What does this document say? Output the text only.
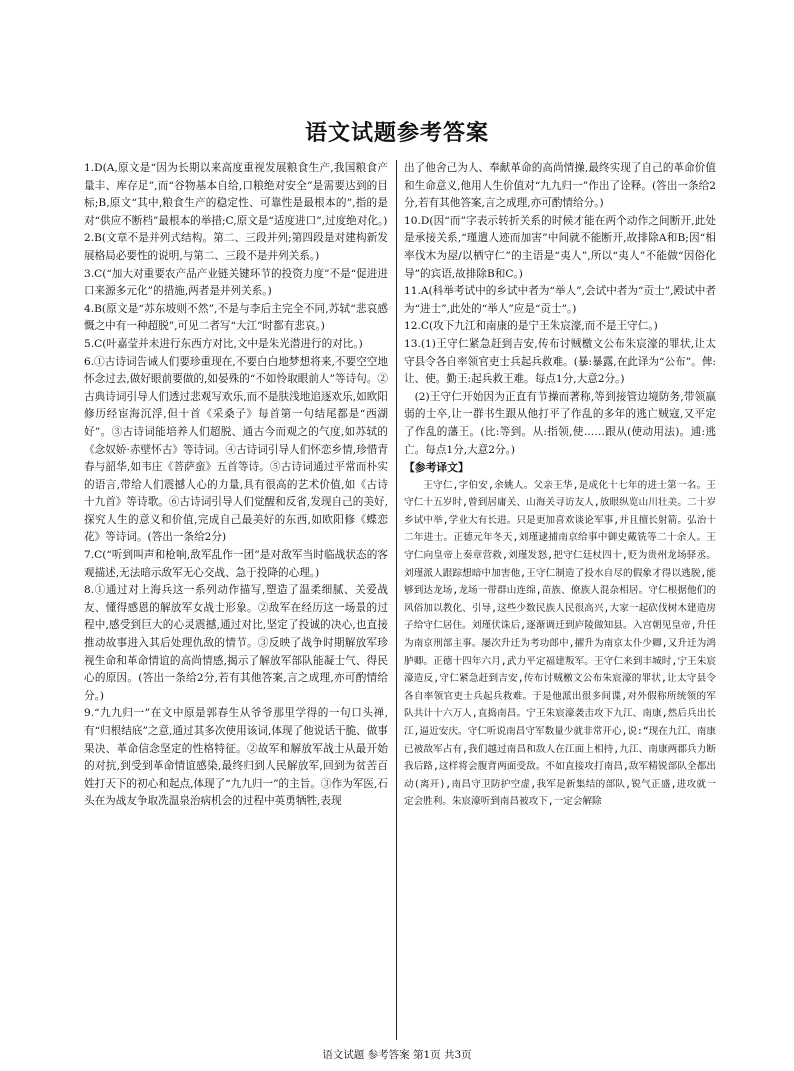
语文试题参考答案

1.D(A,原文是“因为长期以来高度重视发展粮食生产,我国粮食产量丰、库存足”,而“谷物基本自给,口粮绝对安全”是需要达到的目标;B,原文“其中,粮食生产的稳定性、可靠性是最根本的”,指的是对“供应不断档”最根本的举措;C,原文是“适度进口”,过度绝对化。)

2.B(文章不是并列式结构。第二、三段并列;第四段是对建构新发展格局必要性的说明,与第二、三段不是并列关系。)

3.C(“加大对重要农产品产业链关键环节的投资力度”不是“促进进口来源多元化”的措施,两者是并列关系。)

4.B(原文是“苏东坡则不然”,不是与李后主完全不同,苏轼“悲哀感慨之中有一种超脱”,可见二者写“大江”时都有悲哀。)

5.C(叶嘉莹并未进行东西方对比,文中是朱光潜进行的对比。)

6.①古诗词告诫人们要珍重现在,不要白白地梦想将来,不要空空地怀念过去,做好眼前要做的,如晏殊的“不如怜取眼前人”等诗句。②古典诗词引导人们透过悲观写欢乐,而不是肤浅地追逐欢乐,如欧阳修历经宦海沉浮,但十首《采桑子》每首第一句结尾都是“西湖好”。③古诗词能培养人们超脱、通古今而观之的气度,如苏轼的《念奴娇·赤壁怀古》等诗词。④古诗词引导人们怀恋乡情,珍惜青春与韶华,如韦庄《菩萨蛮》五首等诗。⑤古诗词通过平常而朴实的语言,带给人们震撼人心的力量,具有很高的艺术价值,如《古诗十九首》等诗歌。⑥古诗词引导人们觉醒和反省,发现自己的美好,探究人生的意义和价值,完成自己最美好的东西,如欧阳修《蝶恋花》等诗词。(答出一条给2分)

7.C(“听到叫声和枪响,敌军乱作一团”是对敌军当时临战状态的客观描述,无法暗示敌军无心交战、急于投降的心理。)

8.①通过对上海兵这一系列动作描写,塑造了温柔细腻、关爱战友、懂得感恩的解放军女战士形象。②敌军在经历这一场景的过程中,感受到巨大的心灵震撼,通过对比,坚定了投诚的决心,也直接推动故事进入其后处理仇敌的情节。③反映了战争时期解放军珍视生命和革命情谊的高尚情感,揭示了解放军部队能凝士气、得民心的原因。(答出一条给2分,若有其他答案,言之成理,亦可酌情给分。)

9.“九九归一”在文中原是郭春生从爷爷那里学得的一句口头禅,有“归根结底”之意,通过其多次使用该词,体现了他说话干脆、做事果决、革命信念坚定的性格特征。②故军和解放军战士从最开始的对抗,到受到革命情谊感染,最终归到人民解放军,回到为贫苦百姓打天下的初心和起点,体现了“九九归一”的主旨。③作为军医,石头在为战友争取冼温泉治病机会的过程中英勇牺牲,表现

出了他舍己为人、奉献革命的高尚情操,最终实现了自己的革命价值和生命意义,他用人生价值对“九九归一”作出了诠释。(答出一条给2分,若有其他答案,言之成理,亦可酌情给分。)

10.D(因“而”字表示转折关系的时候才能在两个动作之间断开,此处是承接关系,“瑾遣人迹而加害”中间就不能断开,故排除A和B;因“相率伐木为屋/以栖守仁”的主语是“夷人”,所以“夷人”不能做“因俗化导”的宾语,故排除B和C。)

11.A(科举考试中的乡试中者为“举人”,会试中者为“贡士”,殿试中者为“进士”,此处的“举人”应是“贡士”。)

12.C(攻下九江和南康的是宁王朱宸濠,而不是王守仁。)

13.(1)王守仁紧急赶到吉安,传布讨贼檄文公布朱宸濠的罪状,让太守县令各自率领官吏士兵起兵救难。(暴:暴露,在此译为“公布”。俾:让、使。勤王:起兵救王难。每点1分,大意2分。)

(2)王守仁开始因为正直有节操而著称,等到接管边境防务,带领羸弱的士卒,让一群书生跟从他打平了作乱的多年的逃亡贼寇,又平定了作乱的藩王。(比:等到。从:指领,使……跟从(使动用法)。逋:逃亡。每点1分,大意2分。)

【参考译文】

王守仁,字伯安,余姚人。父亲王华,是成化十七年的进士第一名。王守仁十五岁时,曾到居庸关、山海关寻访友人,放眼纵览山川壮美。二十岁乡试中举,学业大有长进。只是更加喜欢谈论军事,并且擅长射箭。弘治十二年进士。正德元年冬天,刘瑾逮捕南京给事中御史戴铣等二十余人。王守仁向皇帝上奏章营救,刘瑾发怒,把守仁廷杖四十,贬为贵州龙场驿丞。刘瑾派人跟踪想暗中加害他,王守仁制造了投水自尽的假象才得以逃脱,能够到达龙场,龙场一带群山连绵,苗族、僚族人混杂相居。守仁根据他们的风俗加以教化、引导,这些少数民族人民很高兴,大家一起砍伐树木建造房子给守仁居住。刘瑾伏诛后,逐渐调迁到庐陵做知县。入宫朝见皇帝,升任为南京刑部主事。屡次升迁为考功郎中,擢升为南京太仆少卿,又升迁为鸿胪卿。正德十四年六月,武力平定福建叛军。王守仁来到丰城时,宁王朱宸濠造反,守仁紧急赶到吉安,传布讨贼檄文公布朱宸濠的罪状,让太守县令各自率领官吏士兵起兵救难。于是他派出很多间谍,对外假称所统领的军队共计十六万人,直捣南昌。宁王朱宸濠袭击攻下九江、南康,然后兵出长江,逼近安庆。守仁听说南昌守军数量少就非常开心,说:“现在九江、南康已被敌军占有,我们越过南昌和敌人在江面上相持,九江、南康两郡兵力断我后路,这样将会腹背两面受敌。不如直接攻打南昌,敌军精锐部队全都出动(离开),南昌守卫防护空虚,我军是新集结的部队,锐气正盛,进攻就一定会胜利。朱宸濠听到南昌被攻下,一定会解除

语文试题 参考答案 第1页 共3页
